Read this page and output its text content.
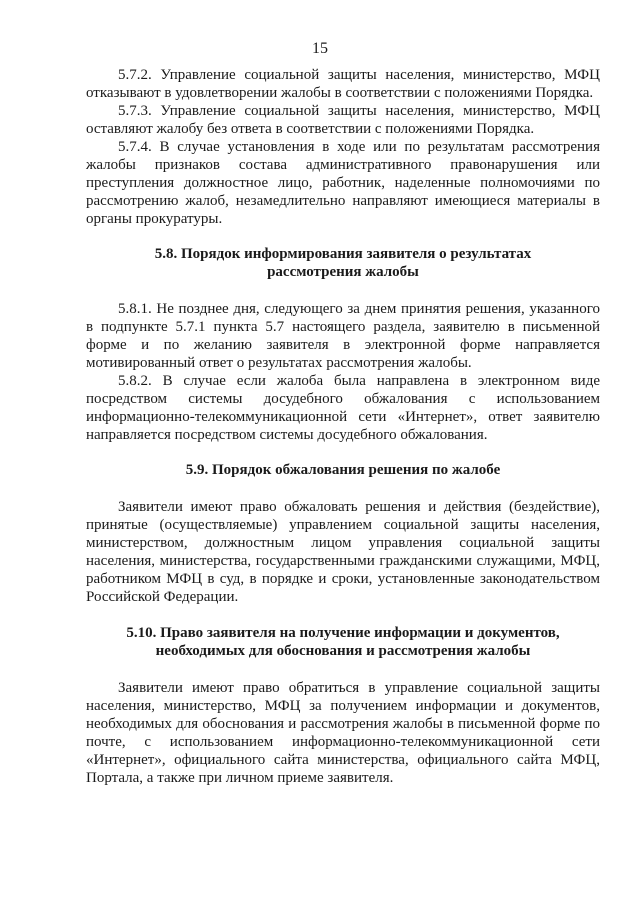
15

5.7.2. Управление социальной защиты населения, министерство, МФЦ отказывают в удовлетворении жалобы в соответствии с положениями Порядка.

5.7.3. Управление социальной защиты населения, министерство, МФЦ оставляют жалобу без ответа в соответствии с положениями Порядка.

5.7.4. В случае установления в ходе или по результатам рассмотрения жалобы признаков состава административного правонарушения или преступления должностное лицо, работник, наделенные полномочиями по рассмотрению жалоб, незамедлительно направляют имеющиеся материалы в органы прокуратуры.

5.8. Порядок информирования заявителя о результатах
рассмотрения жалобы

5.8.1. Не позднее дня, следующего за днем принятия решения, указанного в подпункте 5.7.1 пункта 5.7 настоящего раздела, заявителю в письменной форме и по желанию заявителя в электронной форме направляется мотивированный ответ о результатах рассмотрения жалобы.

5.8.2. В случае если жалоба была направлена в электронном виде посредством системы досудебного обжалования с использованием информационно-телекоммуникационной сети «Интернет», ответ заявителю направляется посредством системы досудебного обжалования.

5.9. Порядок обжалования решения по жалобе

Заявители имеют право обжаловать решения и действия (бездействие), принятые (осуществляемые) управлением социальной защиты населения, министерством, должностным лицом управления социальной защиты населения, министерства, государственными гражданскими служащими, МФЦ, работником МФЦ в суд, в порядке и сроки, установленные законодательством Российской Федерации.

5.10. Право заявителя на получение информации и документов,
необходимых для обоснования и рассмотрения жалобы

Заявители имеют право обратиться в управление социальной защиты населения, министерство, МФЦ за получением информации и документов, необходимых для обоснования и рассмотрения жалобы в письменной форме по почте, с использованием информационно-телекоммуникационной сети «Интернет», официального сайта министерства, официального сайта МФЦ, Портала, а также при личном приеме заявителя.
